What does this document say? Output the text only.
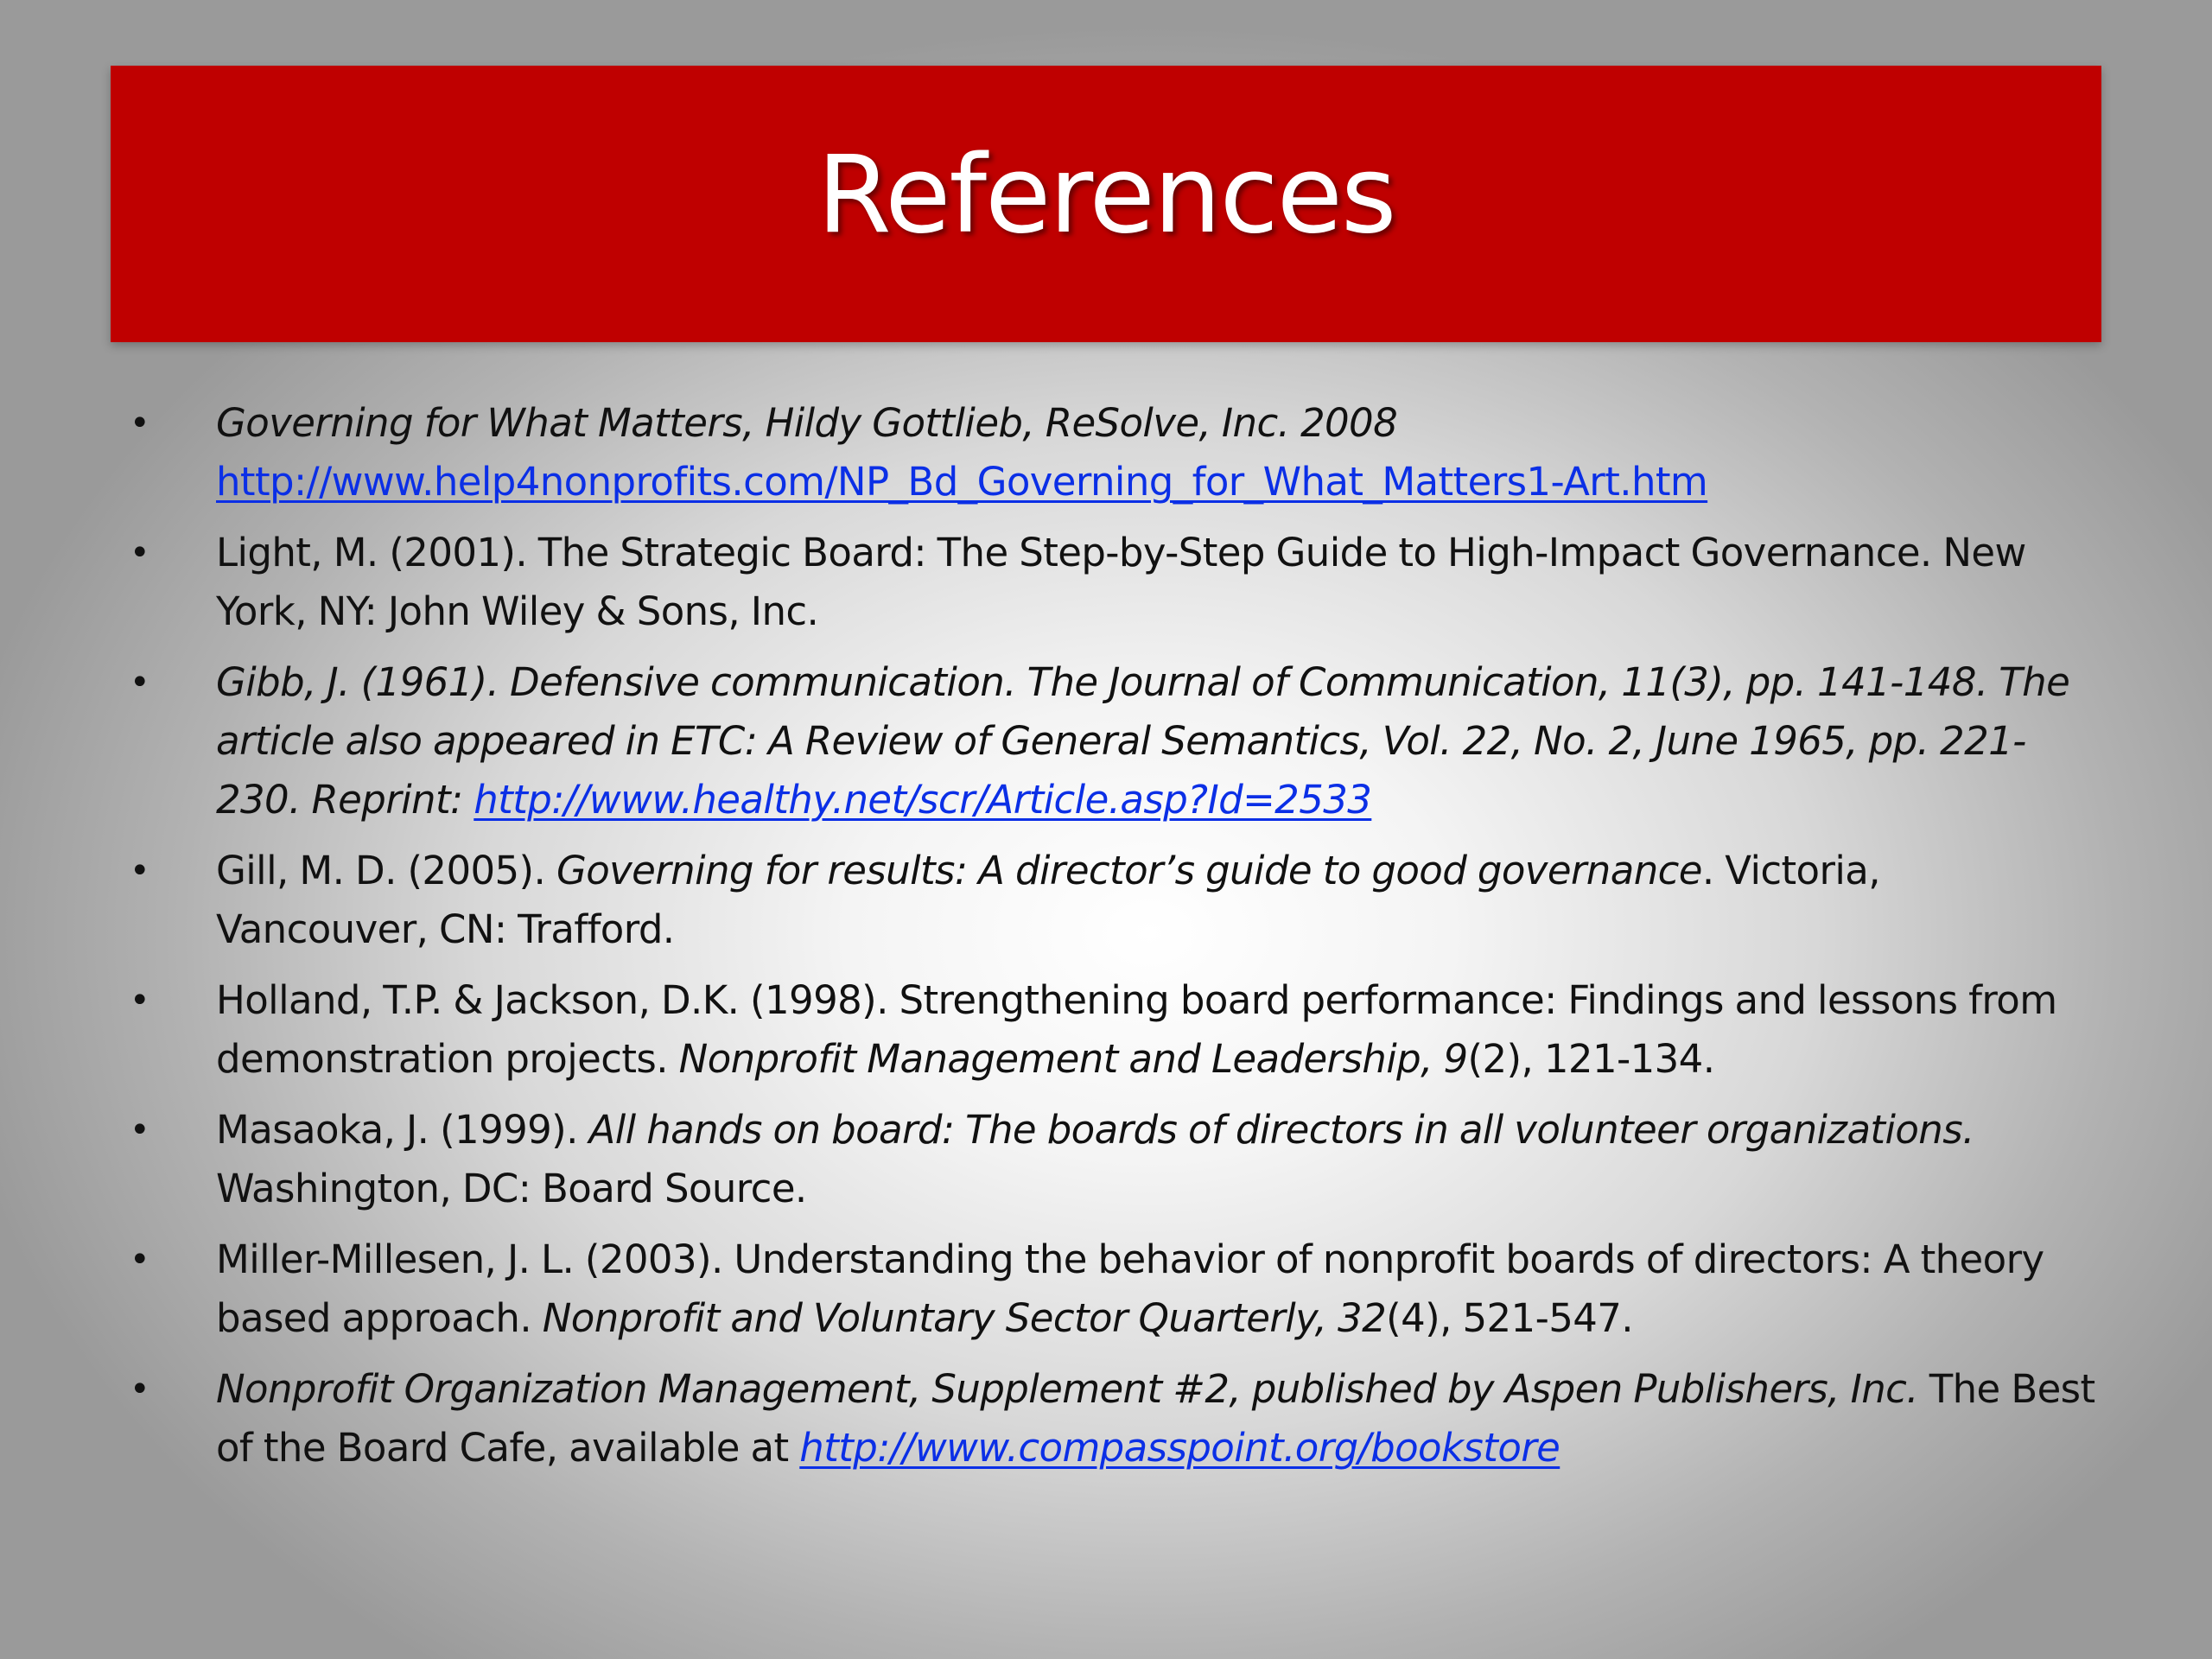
References
•	Governing for What Matters, Hildy Gottlieb, ReSolve, Inc. 2008
http://www.help4nonprofits.com/NP_Bd_Governing_for_What_Matters1-Art.htm
•	Light, M. (2001). The Strategic Board: The Step-by-Step Guide to High-Impact Governance. New York, NY: John Wiley & Sons, Inc.
•	Gibb, J. (1961). Defensive communication. The Journal of Communication, 11(3), pp. 141-148. The article also appeared in ETC: A Review of General Semantics, Vol. 22, No. 2, June 1965, pp. 221-230. Reprint: http://www.healthy.net/scr/Article.asp?Id=2533
•	Gill, M. D. (2005). Governing for results: A director’s guide to good governance. Victoria, Vancouver, CN: Trafford.
•	Holland, T.P. & Jackson, D.K. (1998). Strengthening board performance: Findings and lessons from demonstration projects. Nonprofit Management and Leadership, 9(2), 121-134.
•	Masaoka, J. (1999). All hands on board: The boards of directors in all volunteer organizations. Washington, DC: Board Source.
•	Miller-Millesen, J. L. (2003). Understanding the behavior of nonprofit boards of directors: A theory based approach. Nonprofit and Voluntary Sector Quarterly, 32(4), 521-547.
•	Nonprofit Organization Management, Supplement #2, published by Aspen Publishers, Inc. The Best of the Board Cafe, available at http://www.compasspoint.org/bookstore
